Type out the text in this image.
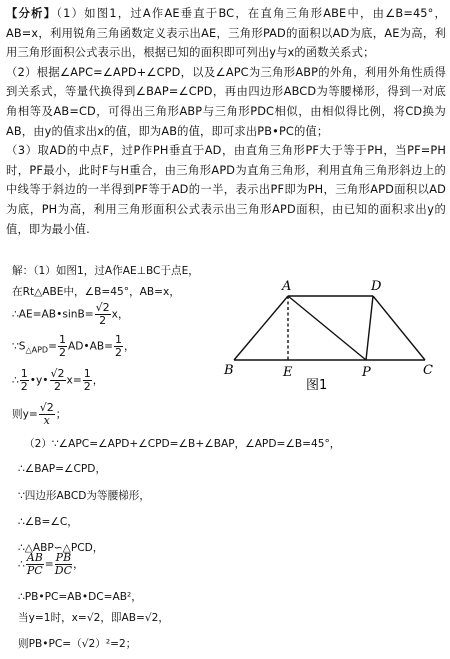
【分析】（1）如图1，过A作AE垂直于BC，在直角三角形ABE中，由∠B=45°，AB=x，利用锐角三角函数定义表示出AE，三角形PAD的面积以AD为底，AE为高，利用三角形面积公式表示出，根据已知的面积即可列出y与x的函数关系式；

（2）根据∠APC=∠APD+∠CPD，以及∠APC为三角形ABP的外角，利用外角性质得到关系式，等量代换得到∠BAP=∠CPD，再由四边形ABCD为等腰梯形，得到一对底角相等及AB=CD，可得出三角形ABP与三角形PDC相似，由相似得比例，将CD换为AB，由y的值求出x的值，即为AB的值，即可求出PB•PC的值；

（3）取AD的中点F，过P作PH垂直于AD，由直角三角形PF大于等于PH，当PF=PH时，PF最小，此时F与H重合，由三角形APD为直角三角形，利用直角三角形斜边上的中线等于斜边的一半得到PF等于AD的一半，表示出PF即为PH，三角形APD面积以AD为底，PH为高，利用三角形面积公式表示出三角形APD面积，由已知的面积求出y的值，即为最小值.

A	D
B	E	P	C
图1
解：（1）如图1，过A作AE⊥BC于点E，
在Rt△ABE中，∠B=45°，AB=x，
∴AE=AB•sinB= $\frac{√2}{2}$ x，
$\because S_{\triangle APD}= \frac{1}{2}$ AD•AB= $\frac{1}{2}$ ，
∴ $\frac{1}{2}$ •y• $\frac{√2}{2} x= \frac{1}{2}$ ，
则$y= \frac{√2}{x}$ ；
（2）∵∠APC=∠APD+∠CPD=∠B+∠BAP，∠APD=∠B=45°，
∴∠BAP=∠CPD，
∵四边形ABCD为等腰梯形，
∴∠B=∠C，
∴△ABP∽△PCD，
∴ $\frac{AB}{PC} = \frac{PB}{DC}$ ，
∴PB•PC=AB•DC=AB²，
当y=1时，x=√2，即AB=√2，
则PB•PC=（√2）²=2；
